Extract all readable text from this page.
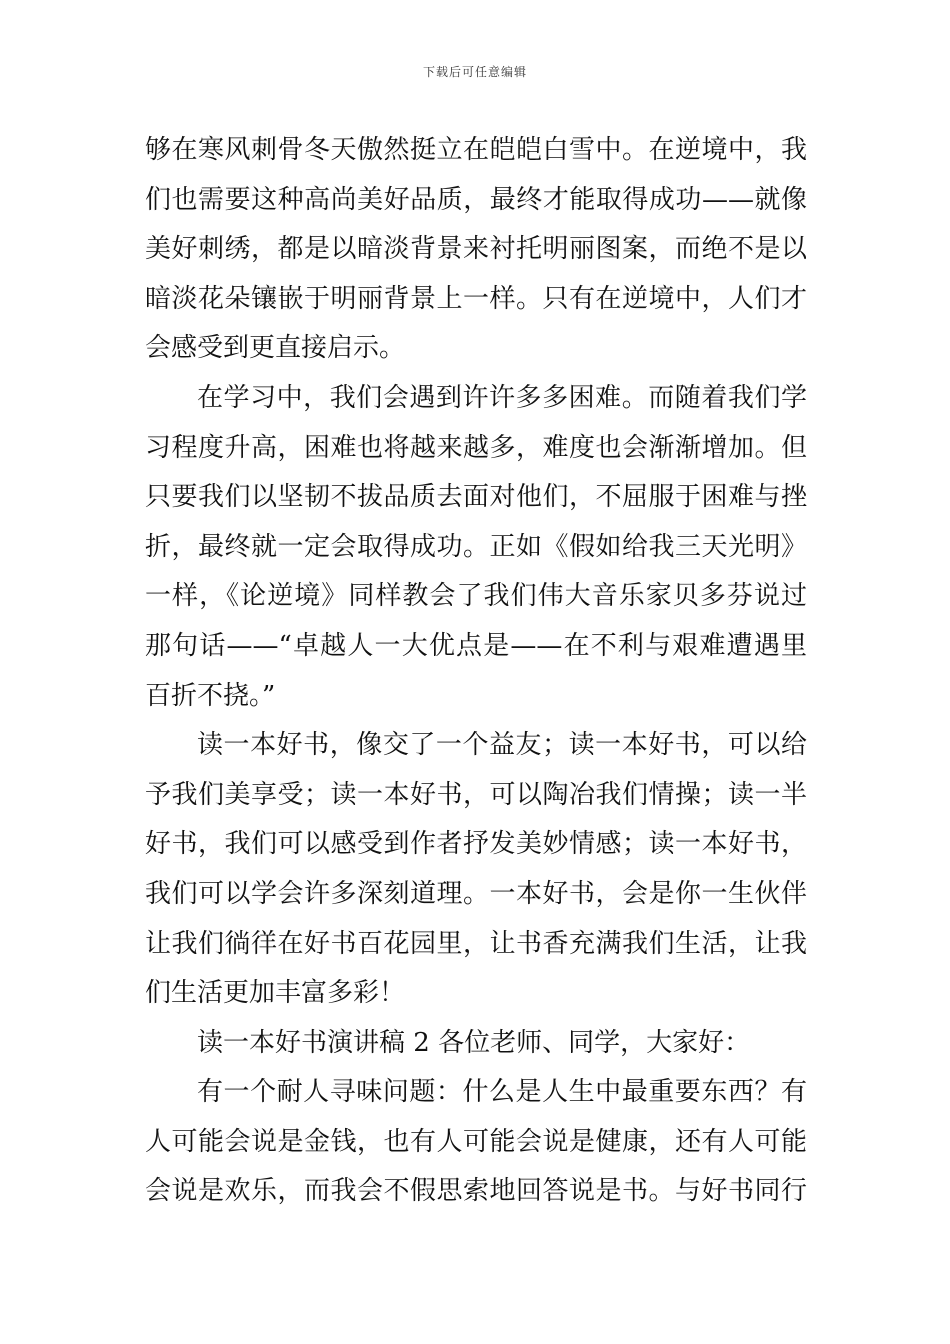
下载后可任意编辑
够在寒风刺骨冬天傲然挺立在皑皑白雪中。在逆境中，我
们也需要这种高尚美好品质，最终才能取得成功——就像
美好刺绣，都是以暗淡背景来衬托明丽图案，而绝不是以
暗淡花朵镶嵌于明丽背景上一样。只有在逆境中，人们才
会感受到更直接启示。
在学习中，我们会遇到许许多多困难。而随着我们学
习程度升高，困难也将越来越多，难度也会渐渐增加。但
只要我们以坚韧不拔品质去面对他们，不屈服于困难与挫
折，最终就一定会取得成功。正如《假如给我三天光明》
一样，《论逆境》同样教会了我们伟大音乐家贝多芬说过
那句话——“卓越人一大优点是——在不利与艰难遭遇里
百折不挠。”
读一本好书，像交了一个益友；读一本好书，可以给
予我们美享受；读一本好书，可以陶冶我们情操；读一半
好书，我们可以感受到作者抒发美妙情感；读一本好书，
我们可以学会许多深刻道理。一本好书，会是你一生伙伴
让我们徜徉在好书百花园里，让书香充满我们生活，让我
们生活更加丰富多彩！
读一本好书演讲稿 2 各位老师、同学，大家好：
有一个耐人寻味问题：什么是人生中最重要东西？有
人可能会说是金钱，也有人可能会说是健康，还有人可能
会说是欢乐，而我会不假思索地回答说是书。与好书同行
